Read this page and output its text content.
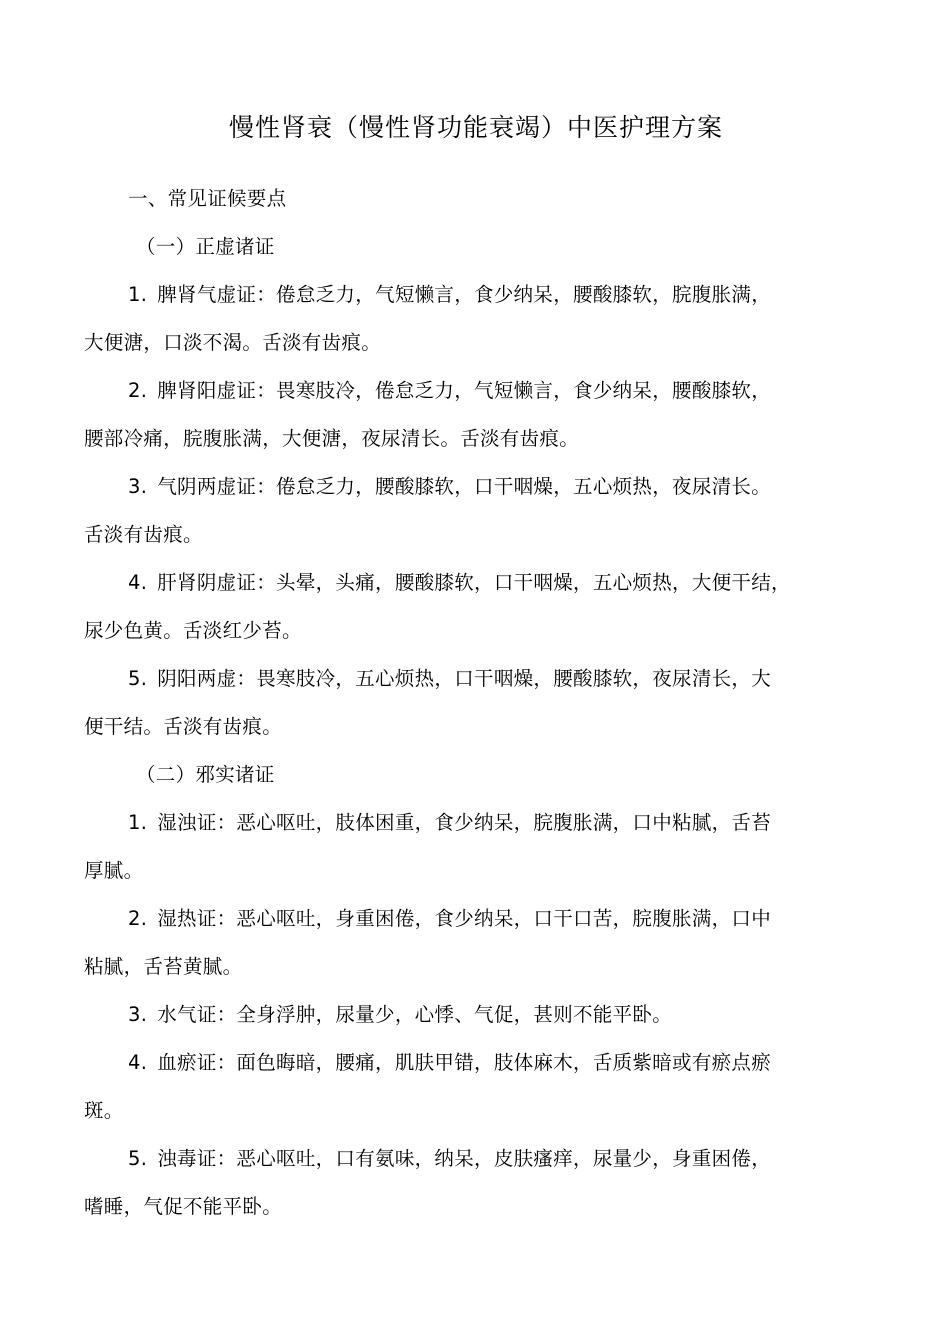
慢性肾衰（慢性肾功能衰竭）中医护理方案
一、常见证候要点
（一）正虚诸证
1. 脾肾气虚证：倦怠乏力，气短懒言，食少纳呆，腰酸膝软，脘腹胀满，
大便溏，口淡不渴。舌淡有齿痕。
2. 脾肾阳虚证：畏寒肢冷，倦怠乏力，气短懒言，食少纳呆，腰酸膝软，
腰部冷痛，脘腹胀满，大便溏，夜尿清长。舌淡有齿痕。
3. 气阴两虚证：倦怠乏力，腰酸膝软，口干咽燥，五心烦热，夜尿清长。
舌淡有齿痕。
4. 肝肾阴虚证：头晕，头痛，腰酸膝软，口干咽燥，五心烦热，大便干结，
尿少色黄。舌淡红少苔。
5. 阴阳两虚：畏寒肢冷，五心烦热，口干咽燥，腰酸膝软，夜尿清长，大
便干结。舌淡有齿痕。
（二）邪实诸证
1. 湿浊证：恶心呕吐，肢体困重，食少纳呆，脘腹胀满，口中粘腻，舌苔
厚腻。
2. 湿热证：恶心呕吐，身重困倦，食少纳呆，口干口苦，脘腹胀满，口中
粘腻，舌苔黄腻。
3. 水气证：全身浮肿，尿量少，心悸、气促，甚则不能平卧。
4. 血瘀证：面色晦暗，腰痛，肌肤甲错，肢体麻木，舌质紫暗或有瘀点瘀
斑。
5. 浊毒证：恶心呕吐，口有氨味，纳呆，皮肤瘙痒，尿量少，身重困倦，
嗜睡，气促不能平卧。
